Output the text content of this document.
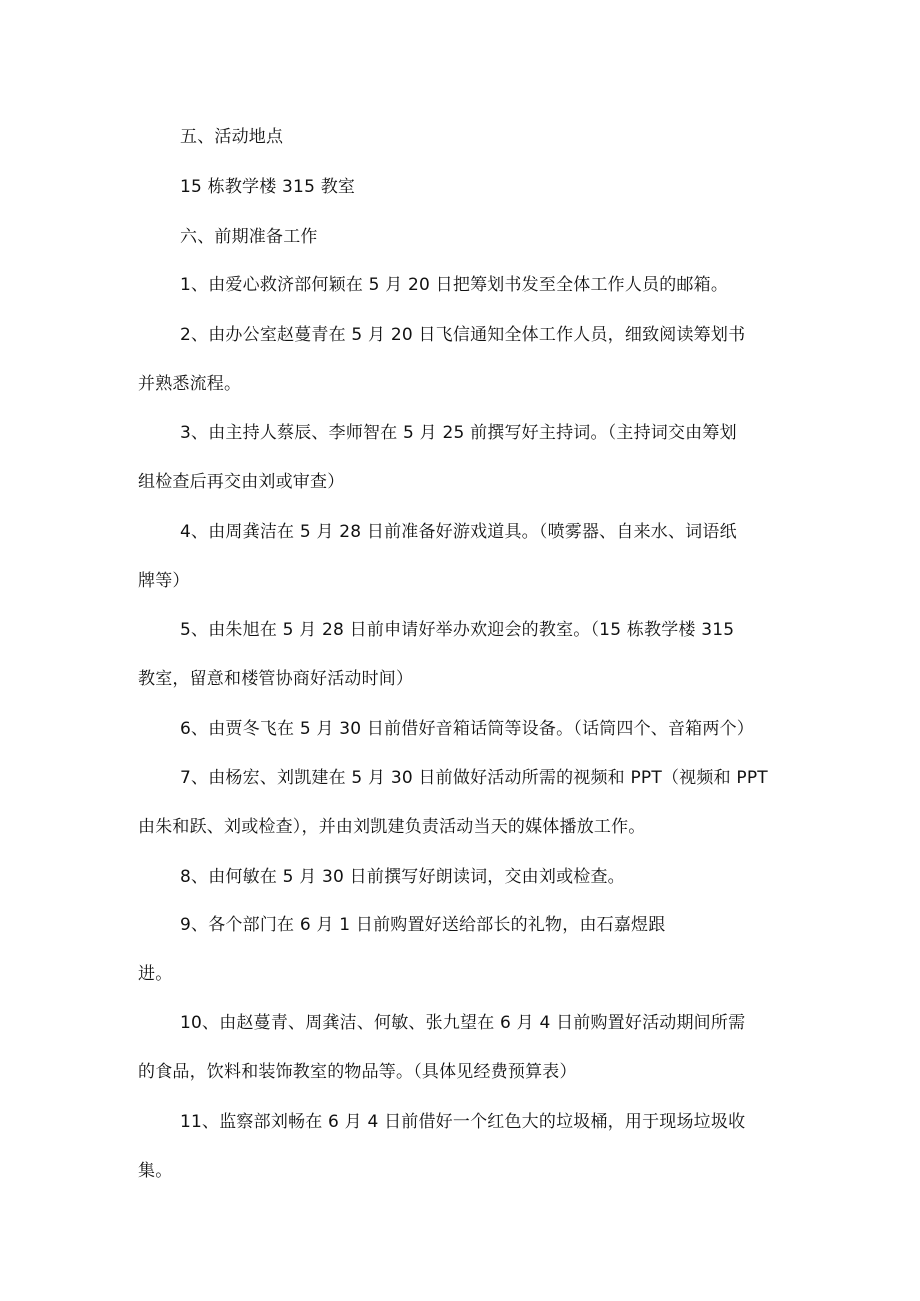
五、活动地点
15 栋教学楼 315 教室
六、前期准备工作
1、由爱心救济部何颖在 5 月 20 日把筹划书发至全体工作人员的邮箱。
2、由办公室赵蔓青在 5 月 20 日飞信通知全体工作人员，细致阅读筹划书
并熟悉流程。
3、由主持人蔡辰、李师智在 5 月 25 前撰写好主持词。（主持词交由筹划
组检查后再交由刘或审查）
4、由周龚洁在 5 月 28 日前准备好游戏道具。（喷雾器、自来水、词语纸
牌等）
5、由朱旭在 5 月 28 日前申请好举办欢迎会的教室。（15 栋教学楼 315
教室，留意和楼管协商好活动时间）
6、由贾冬飞在 5 月 30 日前借好音箱话筒等设备。（话筒四个、音箱两个）
7、由杨宏、刘凯建在 5 月 30 日前做好活动所需的视频和 PPT（视频和 PPT
由朱和跃、刘或检查），并由刘凯建负责活动当天的媒体播放工作。
8、由何敏在 5 月 30 日前撰写好朗读词，交由刘或检查。
9、各个部门在 6 月 1 日前购置好送给部长的礼物，由石嘉煜跟
进。
10、由赵蔓青、周龚洁、何敏、张九望在 6 月 4 日前购置好活动期间所需
的食品，饮料和装饰教室的物品等。（具体见经费预算表）
11、监察部刘畅在 6 月 4 日前借好一个红色大的垃圾桶，用于现场垃圾收
集。
